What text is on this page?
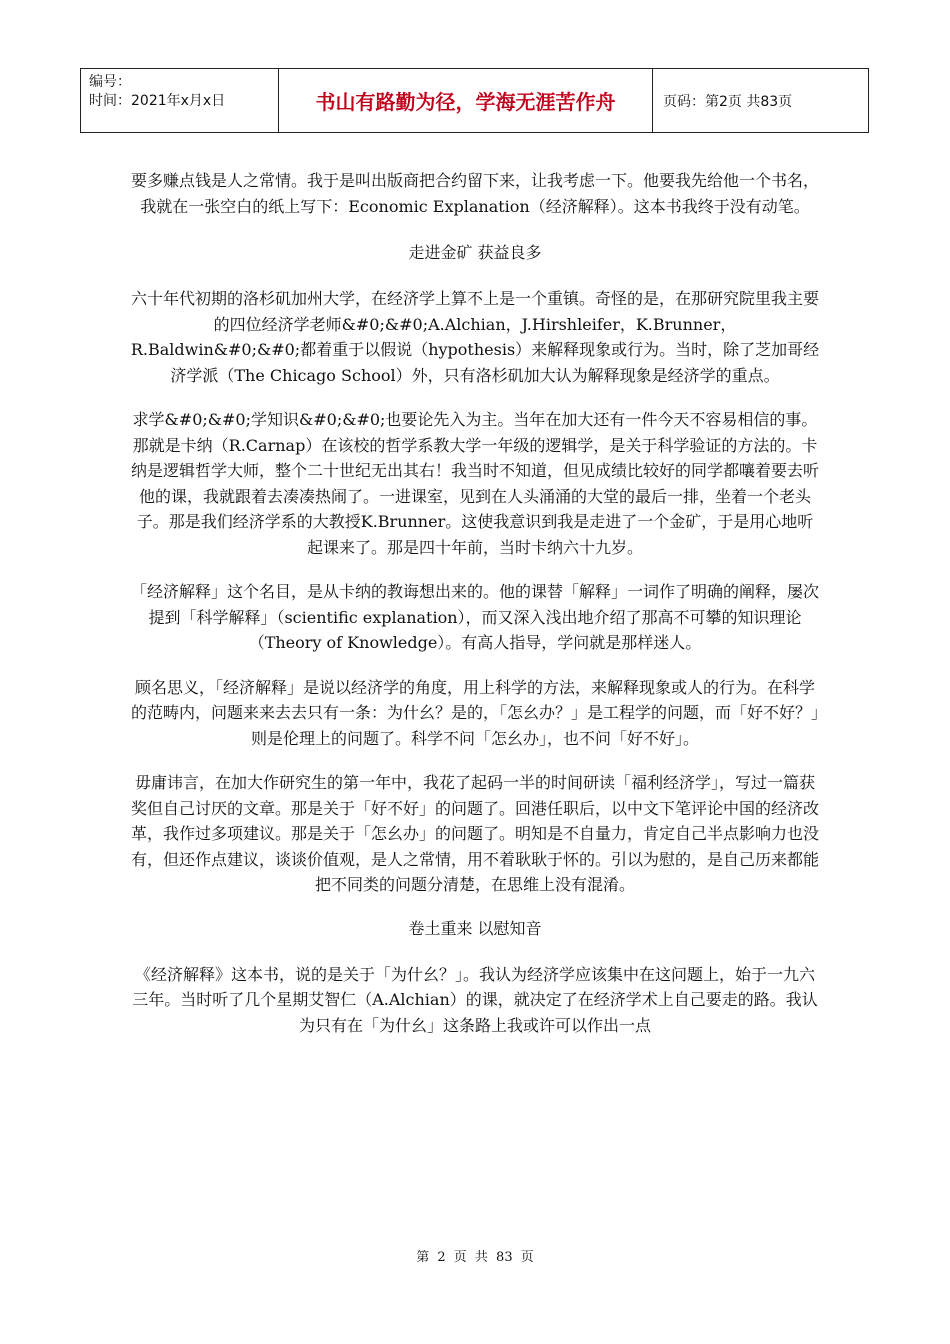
编号：
时间：2021年x月x日	书山有路勤为径，学海无涯苦作舟	页码：第2页 共83页

要多赚点钱是人之常情。我于是叫出版商把合约留下来，让我考虑一下。他要我先给他一个书名，我就在一张空白的纸上写下：Economic Explanation（经济解释）。这本书我终于没有动笔。

走进金矿 获益良多

六十年代初期的洛杉矶加州大学，在经济学上算不上是一个重镇。奇怪的是，在那研究院里我主要的四位经济学老师&#0;&#0;A.Alchian，J.Hirshleifer，K.Brunner，R.Baldwin&#0;&#0;都着重于以假说（hypothesis）来解释现象或行为。当时，除了芝加哥经济学派（The Chicago School）外，只有洛杉矶加大认为解释现象是经济学的重点。

求学&#0;&#0;学知识&#0;&#0;也要论先入为主。当年在加大还有一件今天不容易相信的事。那就是卡纳（R.Carnap）在该校的哲学系教大学一年级的逻辑学，是关于科学验证的方法的。卡纳是逻辑哲学大师，整个二十世纪无出其右！我当时不知道，但见成绩比较好的同学都嚷着要去听他的课，我就跟着去凑凑热闹了。一进课室，见到在人头涌涌的大堂的最后一排，坐着一个老头子。那是我们经济学系的大教授K.Brunner。这使我意识到我是走进了一个金矿，于是用心地听起课来了。那是四十年前，当时卡纳六十九岁。

「经济解释」这个名目，是从卡纳的教诲想出来的。他的课替「解释」一词作了明确的阐释，屡次提到「科学解释」（scientific explanation），而又深入浅出地介绍了那高不可攀的知识理论（Theory of Knowledge）。有高人指导，学问就是那样迷人。

顾名思义，「经济解释」是说以经济学的角度，用上科学的方法，来解释现象或人的行为。在科学的范畴内，问题来来去去只有一条：为什幺？是的，「怎幺办？」是工程学的问题，而「好不好？」则是伦理上的问题了。科学不问「怎幺办」，也不问「好不好」。

毋庸讳言，在加大作研究生的第一年中，我花了起码一半的时间研读「福利经济学」，写过一篇获奖但自己讨厌的文章。那是关于「好不好」的问题了。回港任职后，以中文下笔评论中国的经济改革，我作过多项建议。那是关于「怎幺办」的问题了。明知是不自量力，肯定自己半点影响力也没有，但还作点建议，谈谈价值观，是人之常情，用不着耿耿于怀的。引以为慰的，是自己历来都能把不同类的问题分清楚，在思维上没有混淆。

卷土重来 以慰知音

《经济解释》这本书，说的是关于「为什幺？」。我认为经济学应该集中在这问题上，始于一九六三年。当时听了几个星期艾智仁（A.Alchian）的课，就决定了在经济学术上自己要走的路。我认为只有在「为什幺」这条路上我或许可以作出一点

第 2 页 共 83 页
